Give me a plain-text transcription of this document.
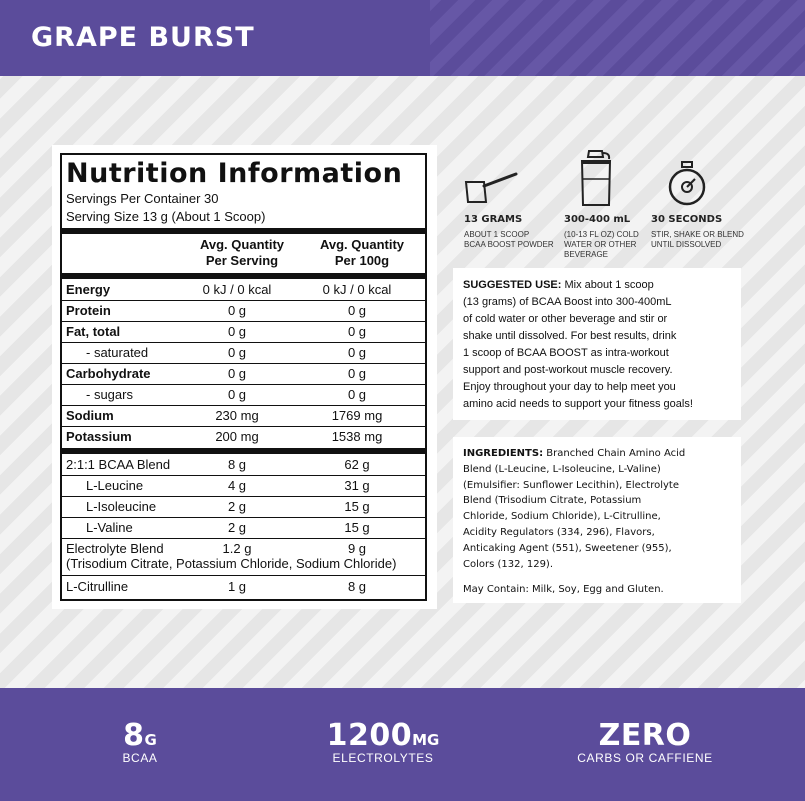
GRAPE BURST
Nutrition Information
Servings Per Container 30
Serving Size 13 g (About 1 Scoop)
Avg. Quantity
Per Serving
Avg. Quantity
Per 100g
Energy	0 kJ / 0 kcal	0 kJ / 0 kcal
Protein	0 g	0 g
Fat, total	0 g	0 g
- saturated	0 g	0 g
Carbohydrate	0 g	0 g
- sugars	0 g	0 g
Sodium	230 mg	1769 mg
Potassium	200 mg	1538 mg
2:1:1 BCAA Blend	8 g	62 g
L-Leucine	4 g	31 g
L-Isoleucine	2 g	15 g
L-Valine	2 g	15 g
Electrolyte Blend	1.2 g	9 g
(Trisodium Citrate, Potassium Chloride, Sodium Chloride)
L-Citrulline	1 g	8 g
13 GRAMS
ABOUT 1 SCOOP
BCAA BOOST POWDER
300-400 mL
(10-13 FL OZ) COLD
WATER OR OTHER
BEVERAGE
30 SECONDS
STIR, SHAKE OR BLEND
UNTIL DISSOLVED
SUGGESTED USE: Mix about 1 scoop
(13 grams) of BCAA Boost into 300-400mL
of cold water or other beverage and stir or
shake until dissolved. For best results, drink
1 scoop of BCAA BOOST as intra-workout
support and post-workout muscle recovery.
Enjoy throughout your day to help meet you
amino acid needs to support your fitness goals!
INGREDIENTS: Branched Chain Amino Acid
Blend (L-Leucine, L-Isoleucine, L-Valine)
(Emulsifier: Sunflower Lecithin), Electrolyte
Blend (Trisodium Citrate, Potassium
Chloride, Sodium Chloride), L-Citrulline,
Acidity Regulators (334, 296), Flavors,
Anticaking Agent (551), Sweetener (955),
Colors (132, 129).
May Contain: Milk, Soy, Egg and Gluten.
8G
BCAA
1200MG
ELECTROLYTES
ZERO
CARBS OR CAFFIENE
